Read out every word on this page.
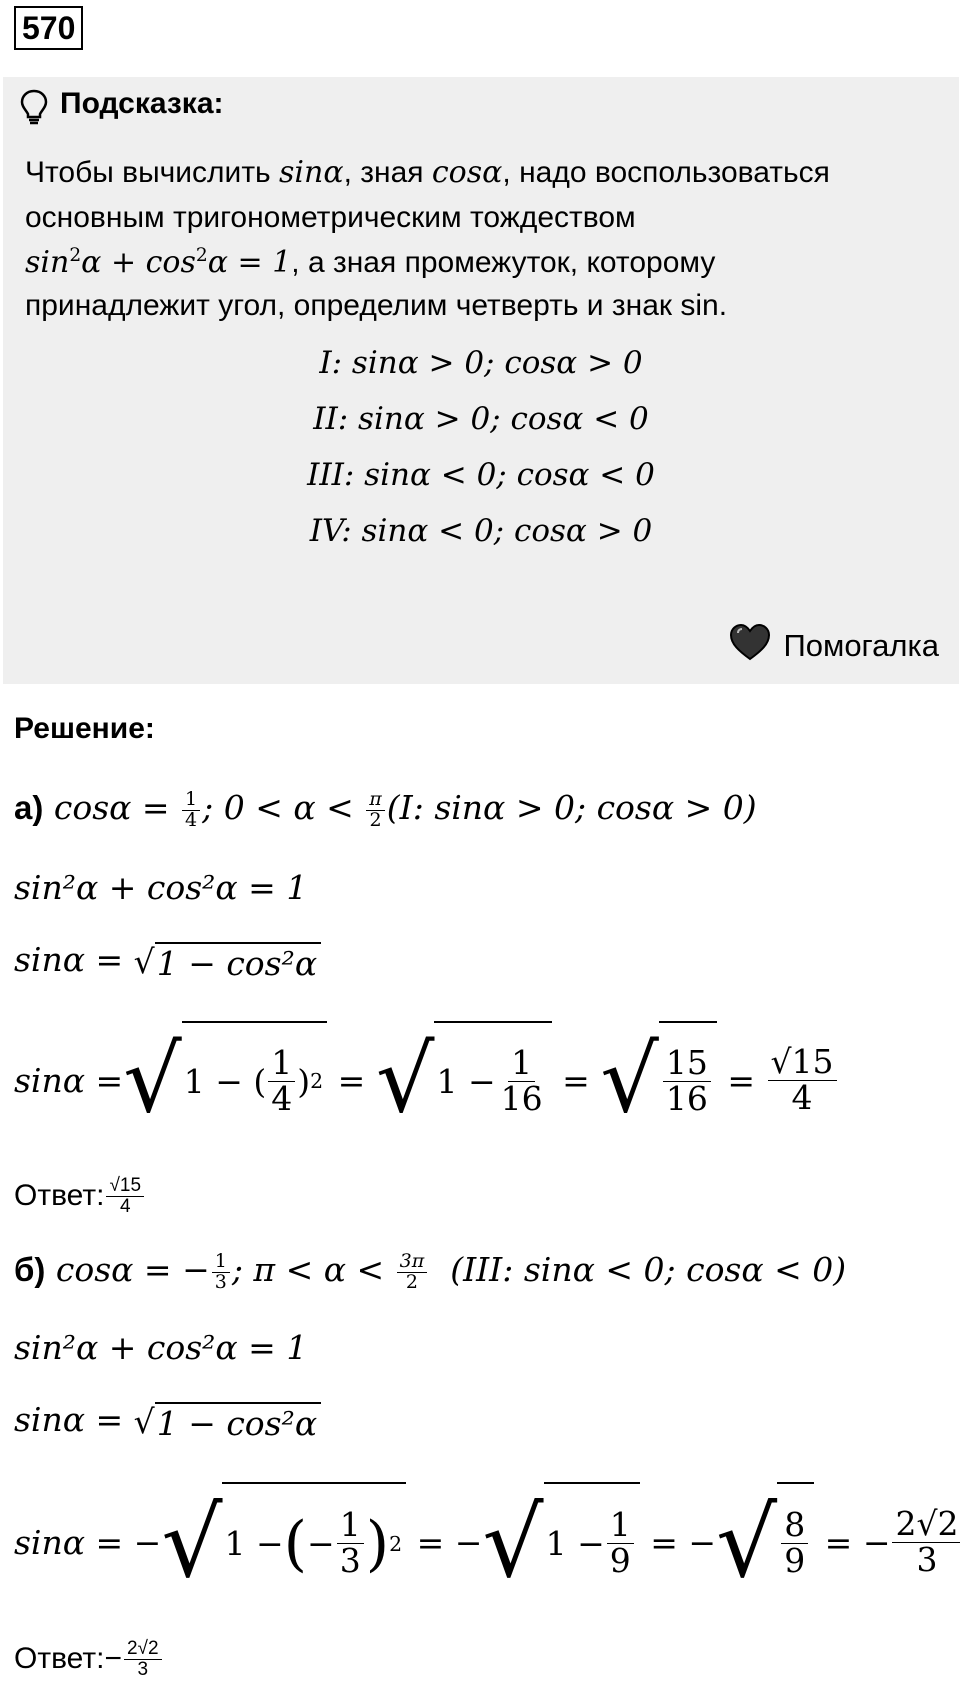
570
Подсказка:
Чтобы вычислить sinα, зная cosα, надо воспользоваться
основным тригонометрическим тождеством
$\sin^2\alpha + \cos^2\alpha = 1$, а зная промежуток, которому
принадлежит угол, определим четверть и знак sin.
I: sinα > 0; cosα > 0
II: sinα > 0; cosα < 0
III: sinα < 0; cosα < 0
IV: sinα < 0; cosα > 0
Помогалка
Решение:
а) $\cos\alpha = \frac{1}{4}$ ; $0 < \alpha < \frac{\pi}{2} (I$: sinα > 0; cosα > 0)
sin²α + cos²α = 1
sinα = √ 1 − cos²α
sinα = √ 1 − ( $\frac{1}{4}$ ) 2 = √ $1 - \frac{1}{16}$ = √ $\frac{15}{16} = \frac{√15}{4}$
Ответ: $\frac{√15}{4}$
б) cosα = − $\frac{1}{3}$ ; $\pi < \alpha < \frac{3\pi}{2} (III$: sinα < 0; cosα < 0)
sin²α + cos²α = 1
sinα = √ 1 − cos²α
sinα = − √ 1 − ( − $\frac{1}{3}$ ) 2 = − √ $1 - \frac{1}{9}$ = − √ $\frac{8}{9}$ = − $\frac{2√2}{3}$
Ответ:− $\frac{2√2}{3}$
